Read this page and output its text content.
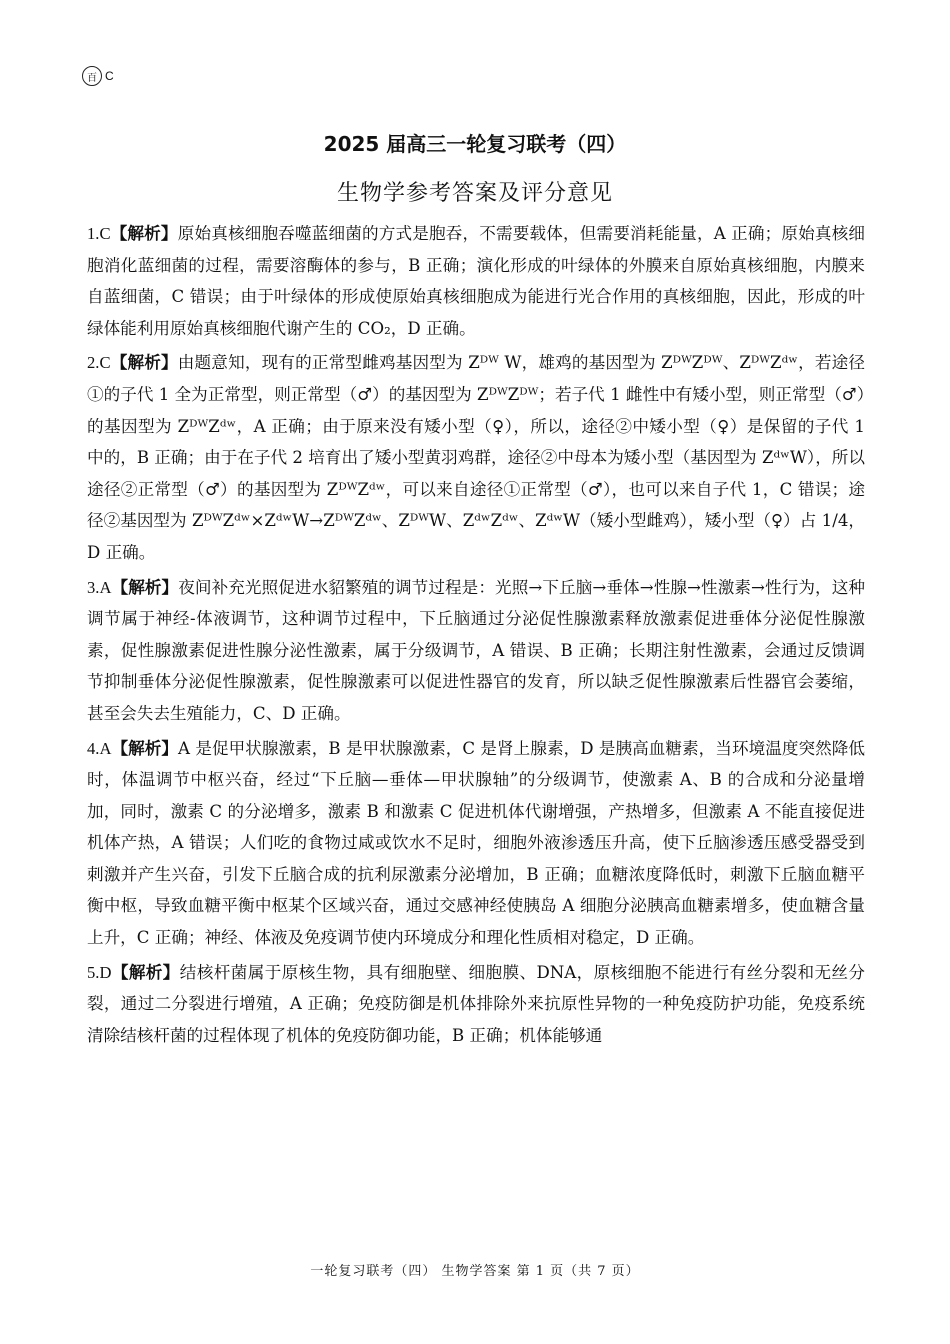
百 C
2025 届高三一轮复习联考（四）
生物学参考答案及评分意见

1.C【解析】原始真核细胞吞噬蓝细菌的方式是胞吞，不需要载体，但需要消耗能量，A 正确；原始真核细胞消化蓝细菌的过程，需要溶酶体的参与，B 正确；演化形成的叶绿体的外膜来自原始真核细胞，内膜来自蓝细菌，C 错误；由于叶绿体的形成使原始真核细胞成为能进行光合作用的真核细胞，因此，形成的叶绿体能利用原始真核细胞代谢产生的 CO₂，D 正确。

2.C【解析】由题意知，现有的正常型雌鸡基因型为 Zᴰᵂ W，雄鸡的基因型为 ZᴰᵂZᴰᵂ、ZᴰᵂZᵈʷ，若途径①的子代 1 全为正常型，则正常型（♂）的基因型为 ZᴰᵂZᴰᵂ；若子代 1 雌性中有矮小型，则正常型（♂）的基因型为 ZᴰᵂZᵈʷ，A 正确；由于原来没有矮小型（♀），所以，途径②中矮小型（♀）是保留的子代 1 中的，B 正确；由于在子代 2 培育出了矮小型黄羽鸡群，途径②中母本为矮小型（基因型为 ZᵈʷW），所以途径②正常型（♂）的基因型为 ZᴰᵂZᵈʷ，可以来自途径①正常型（♂），也可以来自子代 1，C 错误；途径②基因型为 ZᴰᵂZᵈʷ×ZᵈʷW→ZᴰᵂZᵈʷ、ZᴰᵂW、ZᵈʷZᵈʷ、ZᵈʷW（矮小型雌鸡），矮小型（♀）占 1/4，D 正确。

3.A【解析】夜间补充光照促进水貂繁殖的调节过程是：光照→下丘脑→垂体→性腺→性激素→性行为，这种调节属于神经-体液调节，这种调节过程中，下丘脑通过分泌促性腺激素释放激素促进垂体分泌促性腺激素，促性腺激素促进性腺分泌性激素，属于分级调节，A 错误、B 正确；长期注射性激素，会通过反馈调节抑制垂体分泌促性腺激素，促性腺激素可以促进性器官的发育，所以缺乏促性腺激素后性器官会萎缩，甚至会失去生殖能力，C、D 正确。

4.A【解析】A 是促甲状腺激素，B 是甲状腺激素，C 是肾上腺素，D 是胰高血糖素，当环境温度突然降低时，体温调节中枢兴奋，经过“下丘脑—垂体—甲状腺轴”的分级调节，使激素 A、B 的合成和分泌量增加，同时，激素 C 的分泌增多，激素 B 和激素 C 促进机体代谢增强，产热增多，但激素 A 不能直接促进机体产热，A 错误；人们吃的食物过咸或饮水不足时，细胞外液渗透压升高，使下丘脑渗透压感受器受到刺激并产生兴奋，引发下丘脑合成的抗利尿激素分泌增加，B 正确；血糖浓度降低时，刺激下丘脑血糖平衡中枢，导致血糖平衡中枢某个区域兴奋，通过交感神经使胰岛 A 细胞分泌胰高血糖素增多，使血糖含量上升，C 正确；神经、体液及免疫调节使内环境成分和理化性质相对稳定，D 正确。

5.D【解析】结核杆菌属于原核生物，具有细胞壁、细胞膜、DNA，原核细胞不能进行有丝分裂和无丝分裂，通过二分裂进行增殖，A 正确；免疫防御是机体排除外来抗原性异物的一种免疫防护功能，免疫系统清除结核杆菌的过程体现了机体的免疫防御功能，B 正确；机体能够通

一轮复习联考（四） 生物学答案 第 1 页（共 7 页）
